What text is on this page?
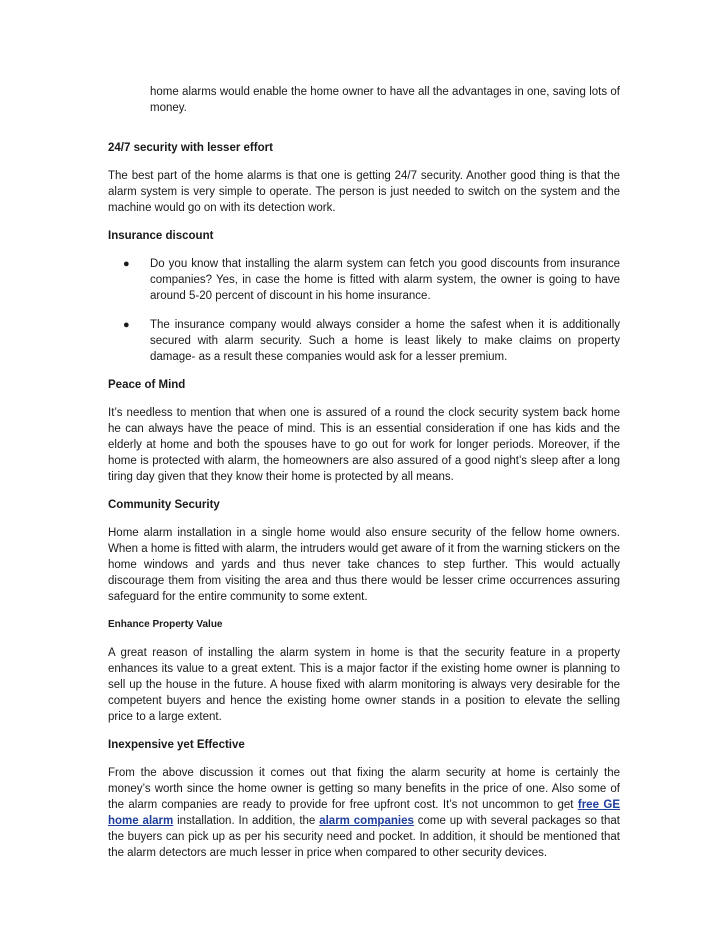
home alarms would enable the home owner to have all the advantages in one, saving lots of money.

24/7 security with lesser effort

The best part of the home alarms is that one is getting 24/7 security. Another good thing is that the alarm system is very simple to operate. The person is just needed to switch on the system and the machine would go on with its detection work.

Insurance discount
● Do you know that installing the alarm system can fetch you good discounts from insurance companies? Yes, in case the home is fitted with alarm system, the owner is going to have around 5-20 percent of discount in his home insurance.
● The insurance company would always consider a home the safest when it is additionally secured with alarm security. Such a home is least likely to make claims on property damage- as a result these companies would ask for a lesser premium.
Peace of Mind

It’s needless to mention that when one is assured of a round the clock security system back home he can always have the peace of mind. This is an essential consideration if one has kids and the elderly at home and both the spouses have to go out for work for longer periods. Moreover, if the home is protected with alarm, the homeowners are also assured of a good night’s sleep after a long tiring day given that they know their home is protected by all means.

Community Security

Home alarm installation in a single home would also ensure security of the fellow home owners. When a home is fitted with alarm, the intruders would get aware of it from the warning stickers on the home windows and yards and thus never take chances to step further. This would actually discourage them from visiting the area and thus there would be lesser crime occurrences assuring safeguard for the entire community to some extent.

Enhance Property Value

A great reason of installing the alarm system in home is that the security feature in a property enhances its value to a great extent. This is a major factor if the existing home owner is planning to sell up the house in the future. A house fixed with alarm monitoring is always very desirable for the competent buyers and hence the existing home owner stands in a position to elevate the selling price to a large extent.

Inexpensive yet Effective

From the above discussion it comes out that fixing the alarm security at home is certainly the money’s worth since the home owner is getting so many benefits in the price of one. Also some of the alarm companies are ready to provide for free upfront cost. It’s not uncommon to get free GE home alarm installation. In addition, the alarm companies come up with several packages so that the buyers can pick up as per his security need and pocket. In addition, it should be mentioned that the alarm detectors are much lesser in price when compared to other security devices.
